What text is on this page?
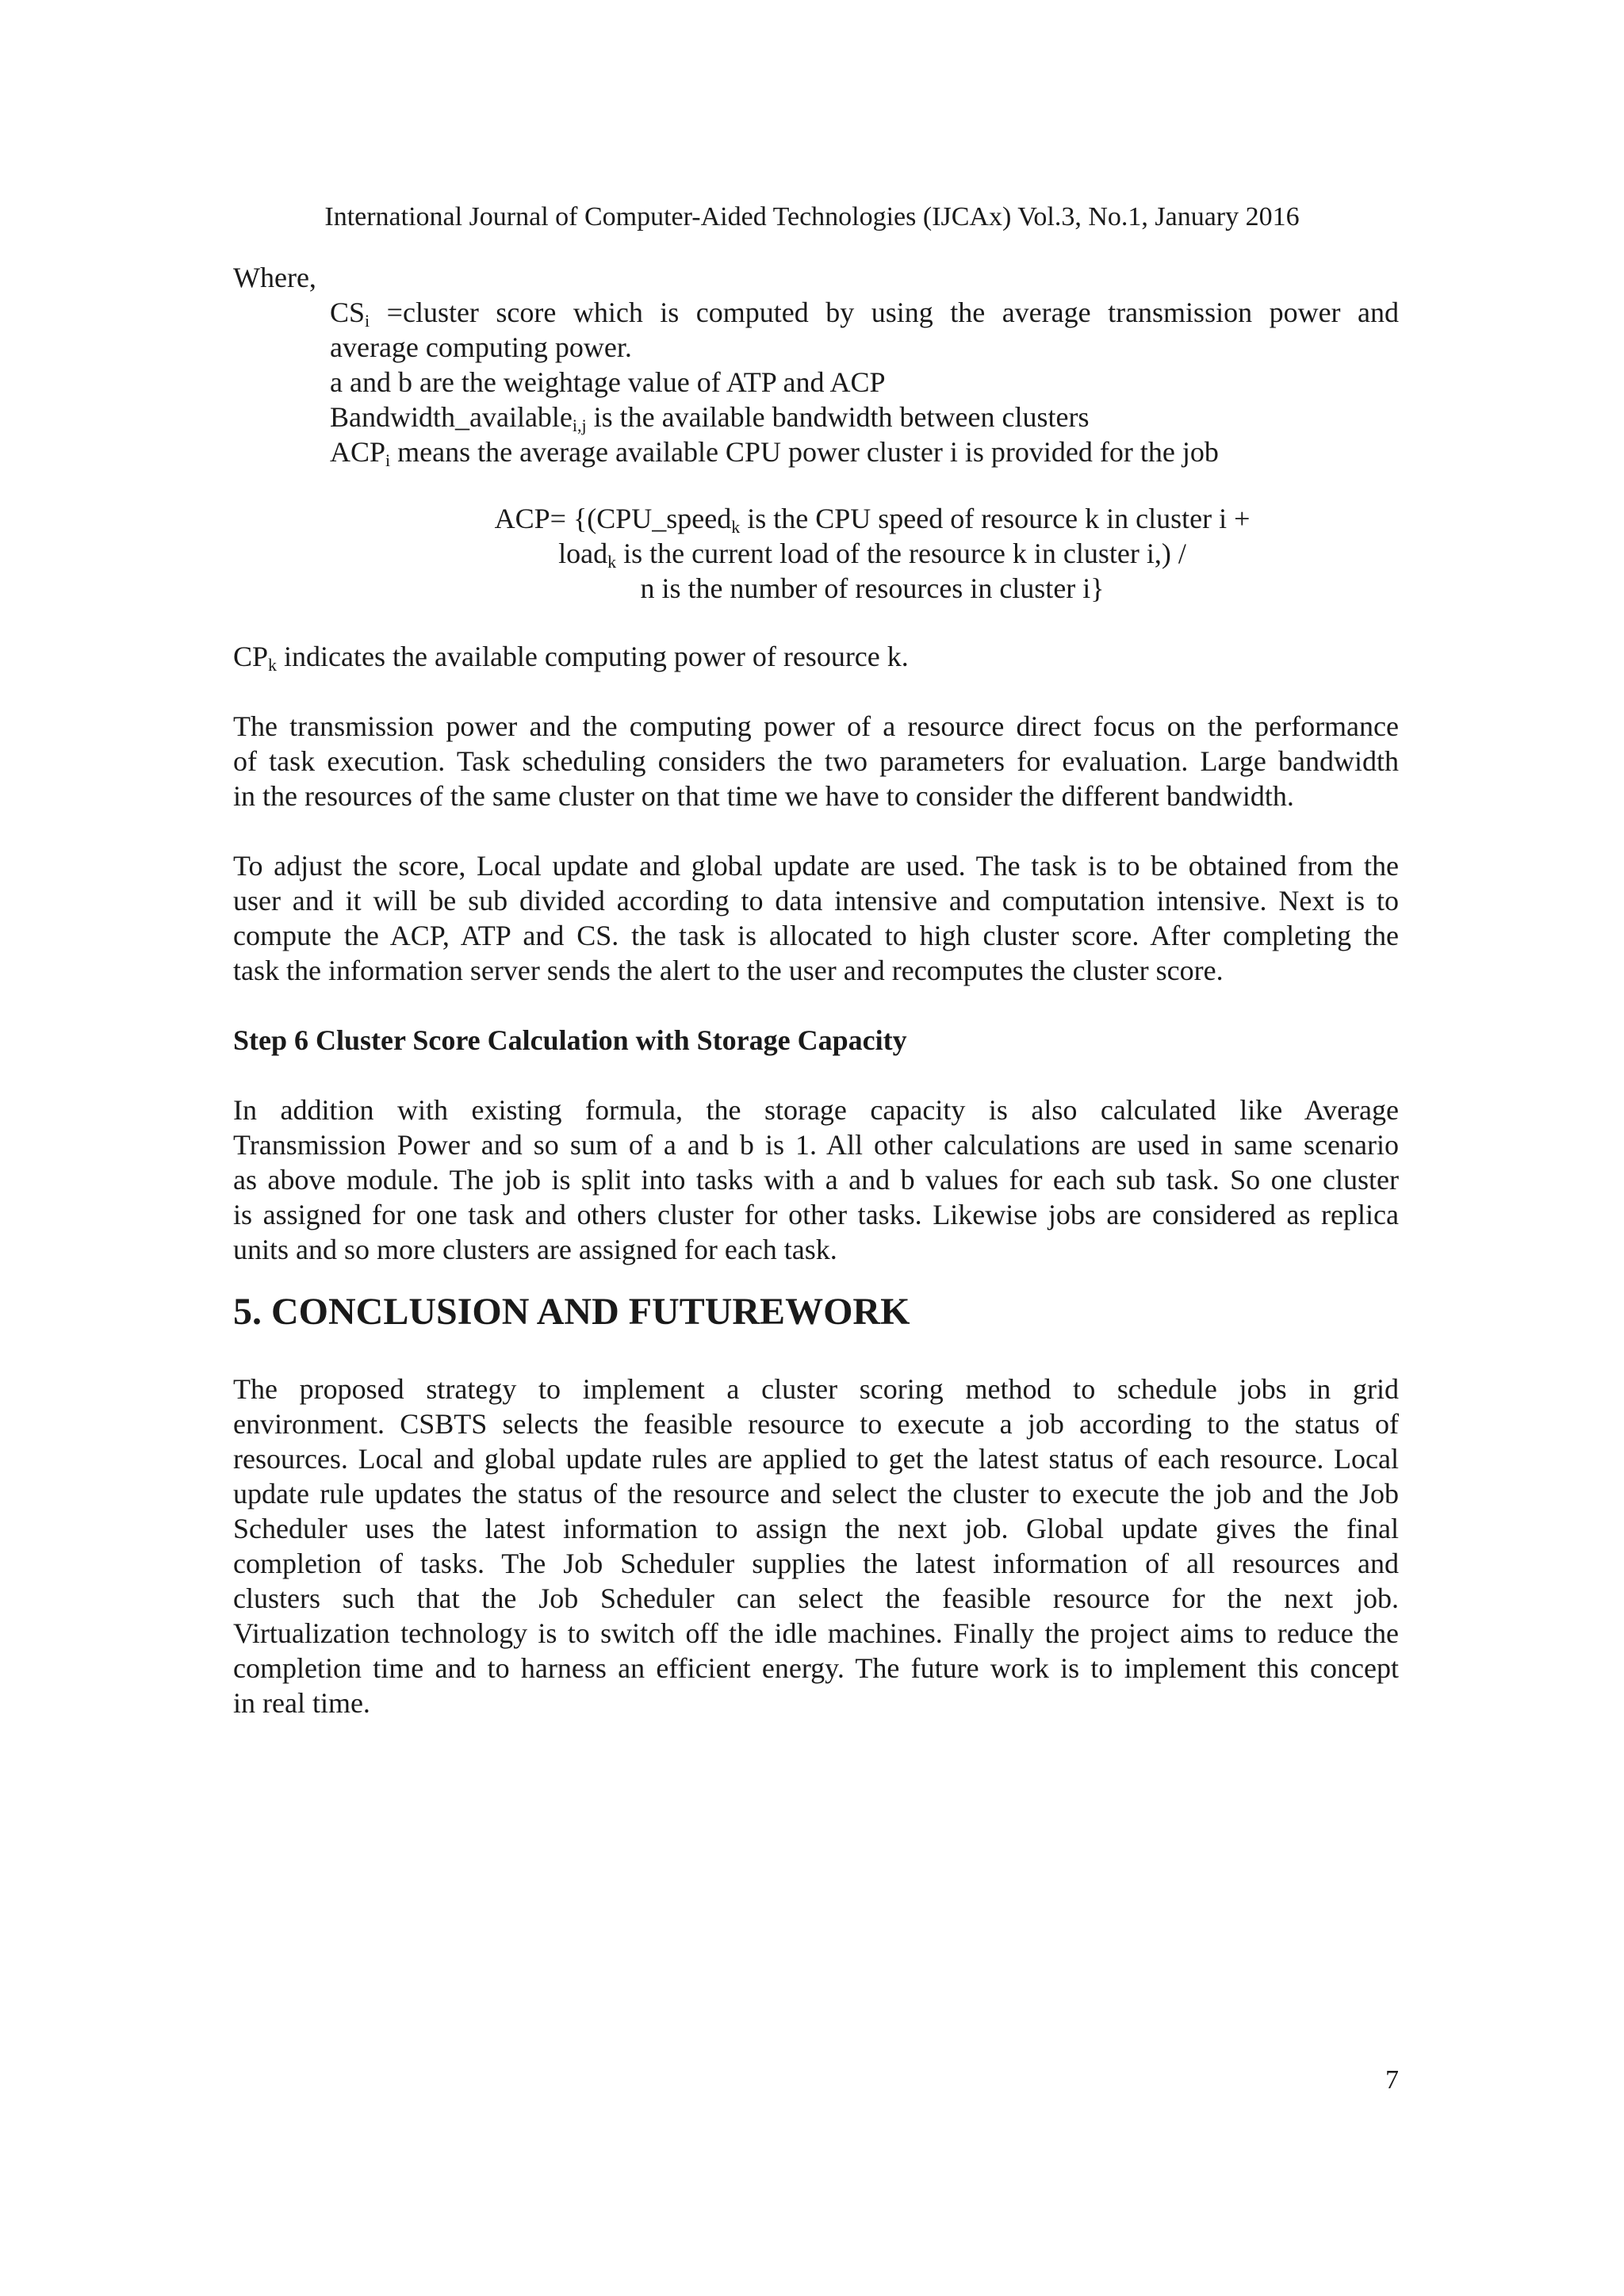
International Journal of Computer-Aided Technologies (IJCAx) Vol.3, No.1, January 2016
Where,
$CS_i$ =cluster score which is computed by using the average transmission power and
average computing power.
a and b are the weightage value of ATP and ACP
Bandwidth_available$_{i,j}$ is the available bandwidth between clusters
$ACP_i$ means the average available CPU power cluster i is provided for the job
ACP= {(CPU_speed$_k$ is the CPU speed of resource k in cluster i +
load$_k$ is the current load of the resource k in cluster i,) /
n is the number of resources in cluster i}
$CP_k$ indicates the available computing power of resource k.
The transmission power and the computing power of a resource direct focus on the performance
of task execution. Task scheduling considers the two parameters for evaluation. Large bandwidth
in the resources of the same cluster on that time we have to consider the different bandwidth.
To adjust the score, Local update and global update are used. The task is to be obtained from the
user and it will be sub divided according to data intensive and computation intensive. Next is to
compute the ACP, ATP and CS. the task is allocated to high cluster score. After completing the
task the information server sends the alert to the user and recomputes the cluster score.
Step 6 Cluster Score Calculation with Storage Capacity
In addition with existing formula, the storage capacity is also calculated like Average
Transmission Power and so sum of a and b is 1. All other calculations are used in same scenario
as above module. The job is split into tasks with a and b values for each sub task. So one cluster
is assigned for one task and others cluster for other tasks. Likewise jobs are considered as replica
units and so more clusters are assigned for each task.
5. CONCLUSION AND FUTUREWORK
The proposed strategy to implement a cluster scoring method to schedule jobs in grid
environment. CSBTS selects the feasible resource to execute a job according to the status of
resources. Local and global update rules are applied to get the latest status of each resource. Local
update rule updates the status of the resource and select the cluster to execute the job and the Job
Scheduler uses the latest information to assign the next job. Global update gives the final
completion of tasks. The Job Scheduler supplies the latest information of all resources and
clusters such that the Job Scheduler can select the feasible resource for the next job.
Virtualization technology is to switch off the idle machines. Finally the project aims to reduce the
completion time and to harness an efficient energy. The future work is to implement this concept
in real time.
7
